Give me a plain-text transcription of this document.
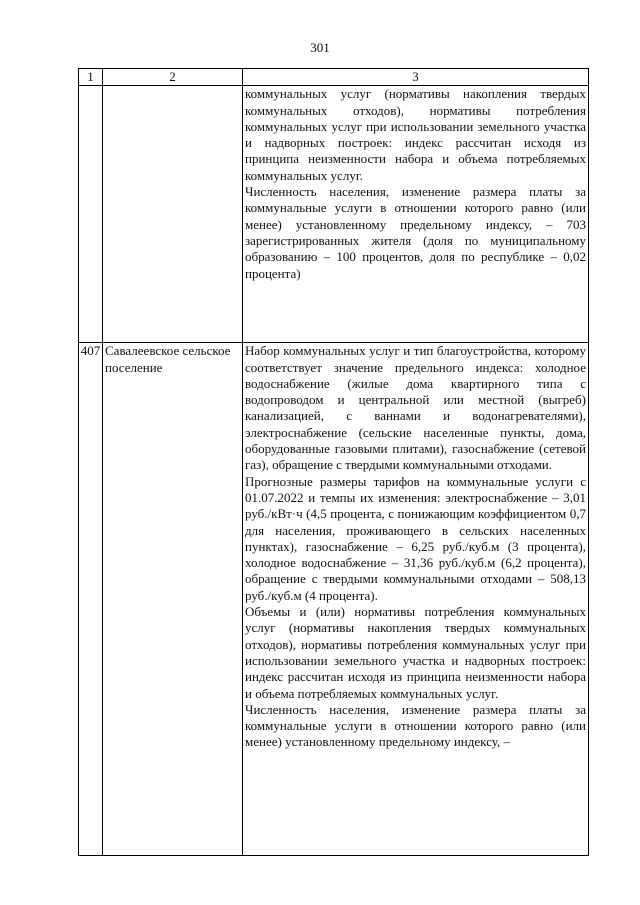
301
1	2	3

		коммунальных услуг (нормативы накопления твердых коммунальных отходов), нормативы потребления коммунальных услуг при использовании земельного участка и надворных построек: индекс рассчитан исходя из принципа неизменности набора и объема потребляемых коммунальных услуг.

Численность населения, изменение размера платы за коммунальные услуги в отношении которого равно (или менее) установленному предельному индексу, – 703 зарегистрированных жителя (доля по муниципальному образованию – 100 процентов, доля по республике – 0,02 процента)

407	Савалеевское сельское поселение	Набор коммунальных услуг и тип благоустройства, которому соответствует значение предельного индекса: холодное водоснабжение (жилые дома квартирного типа с водопроводом и центральной или местной (выгреб) канализацией, с ваннами и водонагревателями), электроснабжение (сельские населенные пункты, дома, оборудованные газовыми плитами), газоснабжение (сетевой газ), обращение с твердыми коммунальными отходами.

Прогнозные размеры тарифов на коммунальные услуги с 01.07.2022 и темпы их изменения: электроснабжение – 3,01 руб./кВт·ч (4,5 процента, с понижающим коэффициентом 0,7 для населения, проживающего в сельских населенных пунктах), газоснабжение – 6,25 руб./куб.м (3 процента), холодное водоснабжение – 31,36 руб./куб.м (6,2 процента), обращение с твердыми коммунальными отходами – 508,13 руб./куб.м (4 процента).

Объемы и (или) нормативы потребления коммунальных услуг (нормативы накопления твердых коммунальных отходов), нормативы потребления коммунальных услуг при использовании земельного участка и надворных построек: индекс рассчитан исходя из принципа неизменности набора и объема потребляемых коммунальных услуг.

Численность населения, изменение размера платы за коммунальные услуги в отношении которого равно (или менее) установленному предельному индексу, –
